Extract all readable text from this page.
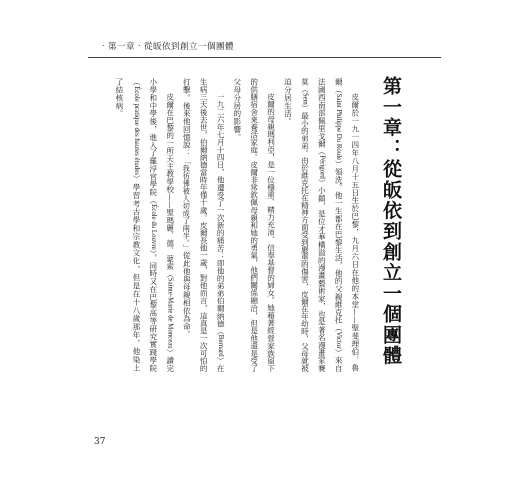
‧第一章‧從皈依到創立一個團體
第一章：從皈依到創立一個團體
皮爾於一九一四年八月十五日生於巴黎，九月六日在他的本堂——聖斐理伯．魯
爾（Saint Philippe Du Roule）領洗。他一生都在巴黎生活，他的父親維克托（Victor）來自
法國西南部佩里戈爾（Périgord）小鎮，是位才華橫溢的漫畫藝術家，也是著名漫畫家賽
莫（Sem）最小的弟弟。由於維克托在精神方面受到嚴重的傷害，皮爾在年幼時，父母就被
迫分居生活。
皮爾的母親瑪利亞，是一位穩重、精力充沛、信奉基督的婦女。她藉著經營家族留下
的供膳宿舍來養活家庭。皮爾非常欽佩母親和她的勇氣，他們關係融洽，但是他還是受了
父母分居的影響。
一九二六年七月十四日，他遭受了一次新的痛苦：即他的弟弟伯爾納德（Bernard）在
生病三天後去世，伯爾納德當時年僅十歲。皮爾長他一歲，對他而言，這真是一次可怕的
打擊。後來他回憶說：「我彷彿被人切成了兩半。」從此他與母親相依為命。
皮爾在巴黎的一所天主教學校——聖瑪麗．德．蒙索（Sainte-Marie de Monceau）讀完
小學和中學後，進入了羅浮宮學院（École du Louvre），同時又在巴黎高等研究實踐學院
（École pratique des hautes études）學習考古學和宗教文化，但是在十八歲那年，他染上
了結核病。
37
